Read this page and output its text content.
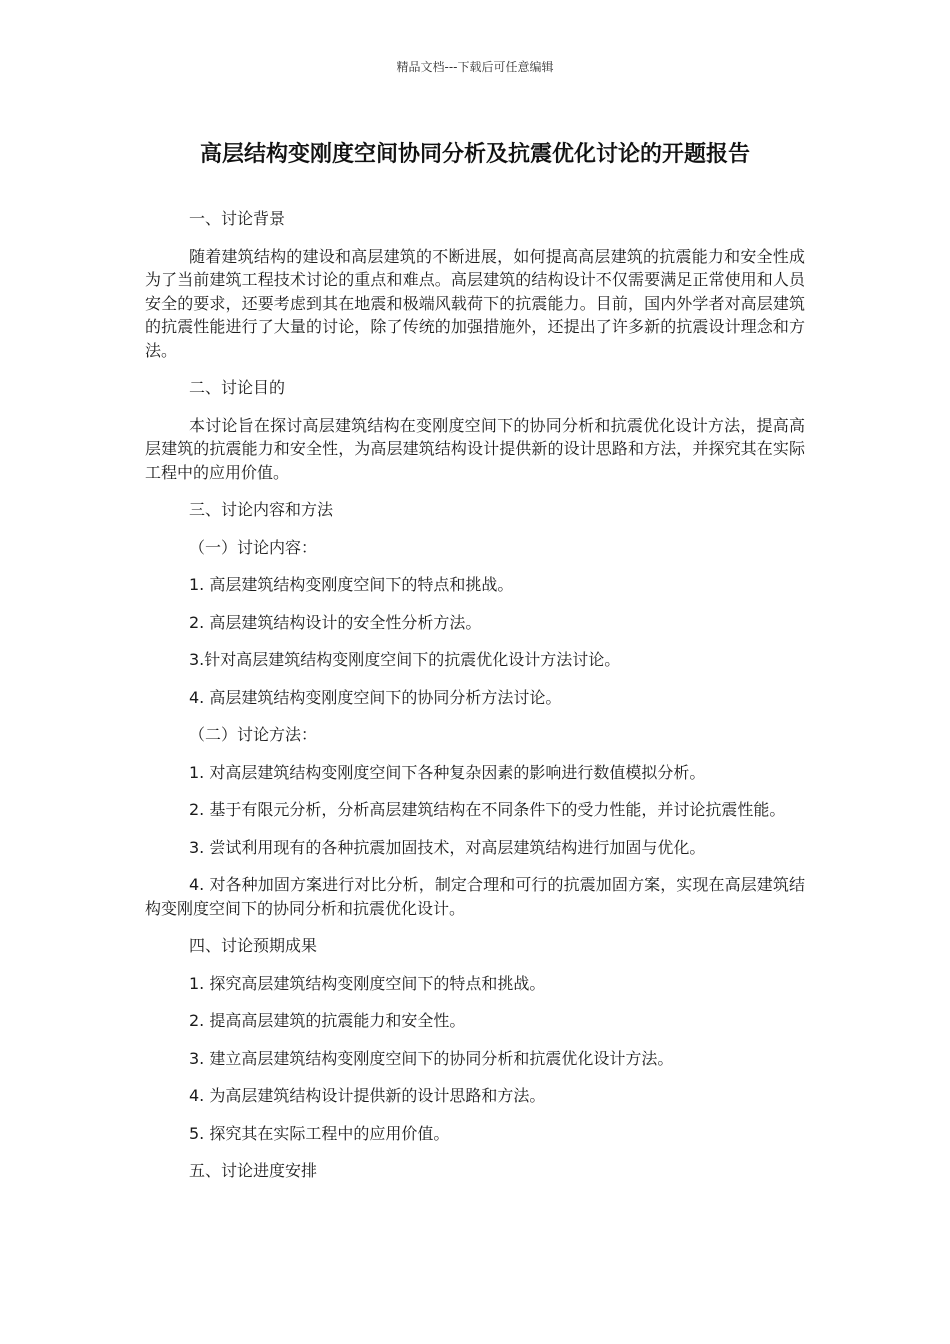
精品文档---下载后可任意编辑
高层结构变刚度空间协同分析及抗震优化讨论的开题报告

一、讨论背景

随着建筑结构的建设和高层建筑的不断进展，如何提高高层建筑的抗震能力和安全性成为了当前建筑工程技术讨论的重点和难点。高层建筑的结构设计不仅需要满足正常使用和人员安全的要求，还要考虑到其在地震和极端风载荷下的抗震能力。目前，国内外学者对高层建筑的抗震性能进行了大量的讨论，除了传统的加强措施外，还提出了许多新的抗震设计理念和方法。

二、讨论目的

本讨论旨在探讨高层建筑结构在变刚度空间下的协同分析和抗震优化设计方法，提高高层建筑的抗震能力和安全性，为高层建筑结构设计提供新的设计思路和方法，并探究其在实际工程中的应用价值。

三、讨论内容和方法

（一）讨论内容：

1. 高层建筑结构变刚度空间下的特点和挑战。

2. 高层建筑结构设计的安全性分析方法。

3.针对高层建筑结构变刚度空间下的抗震优化设计方法讨论。

4. 高层建筑结构变刚度空间下的协同分析方法讨论。

（二）讨论方法：

1. 对高层建筑结构变刚度空间下各种复杂因素的影响进行数值模拟分析。

2. 基于有限元分析，分析高层建筑结构在不同条件下的受力性能，并讨论抗震性能。

3. 尝试利用现有的各种抗震加固技术，对高层建筑结构进行加固与优化。

4. 对各种加固方案进行对比分析，制定合理和可行的抗震加固方案，实现在高层建筑结构变刚度空间下的协同分析和抗震优化设计。

四、讨论预期成果

1. 探究高层建筑结构变刚度空间下的特点和挑战。

2. 提高高层建筑的抗震能力和安全性。

3. 建立高层建筑结构变刚度空间下的协同分析和抗震优化设计方法。

4. 为高层建筑结构设计提供新的设计思路和方法。

5. 探究其在实际工程中的应用价值。

五、讨论进度安排
